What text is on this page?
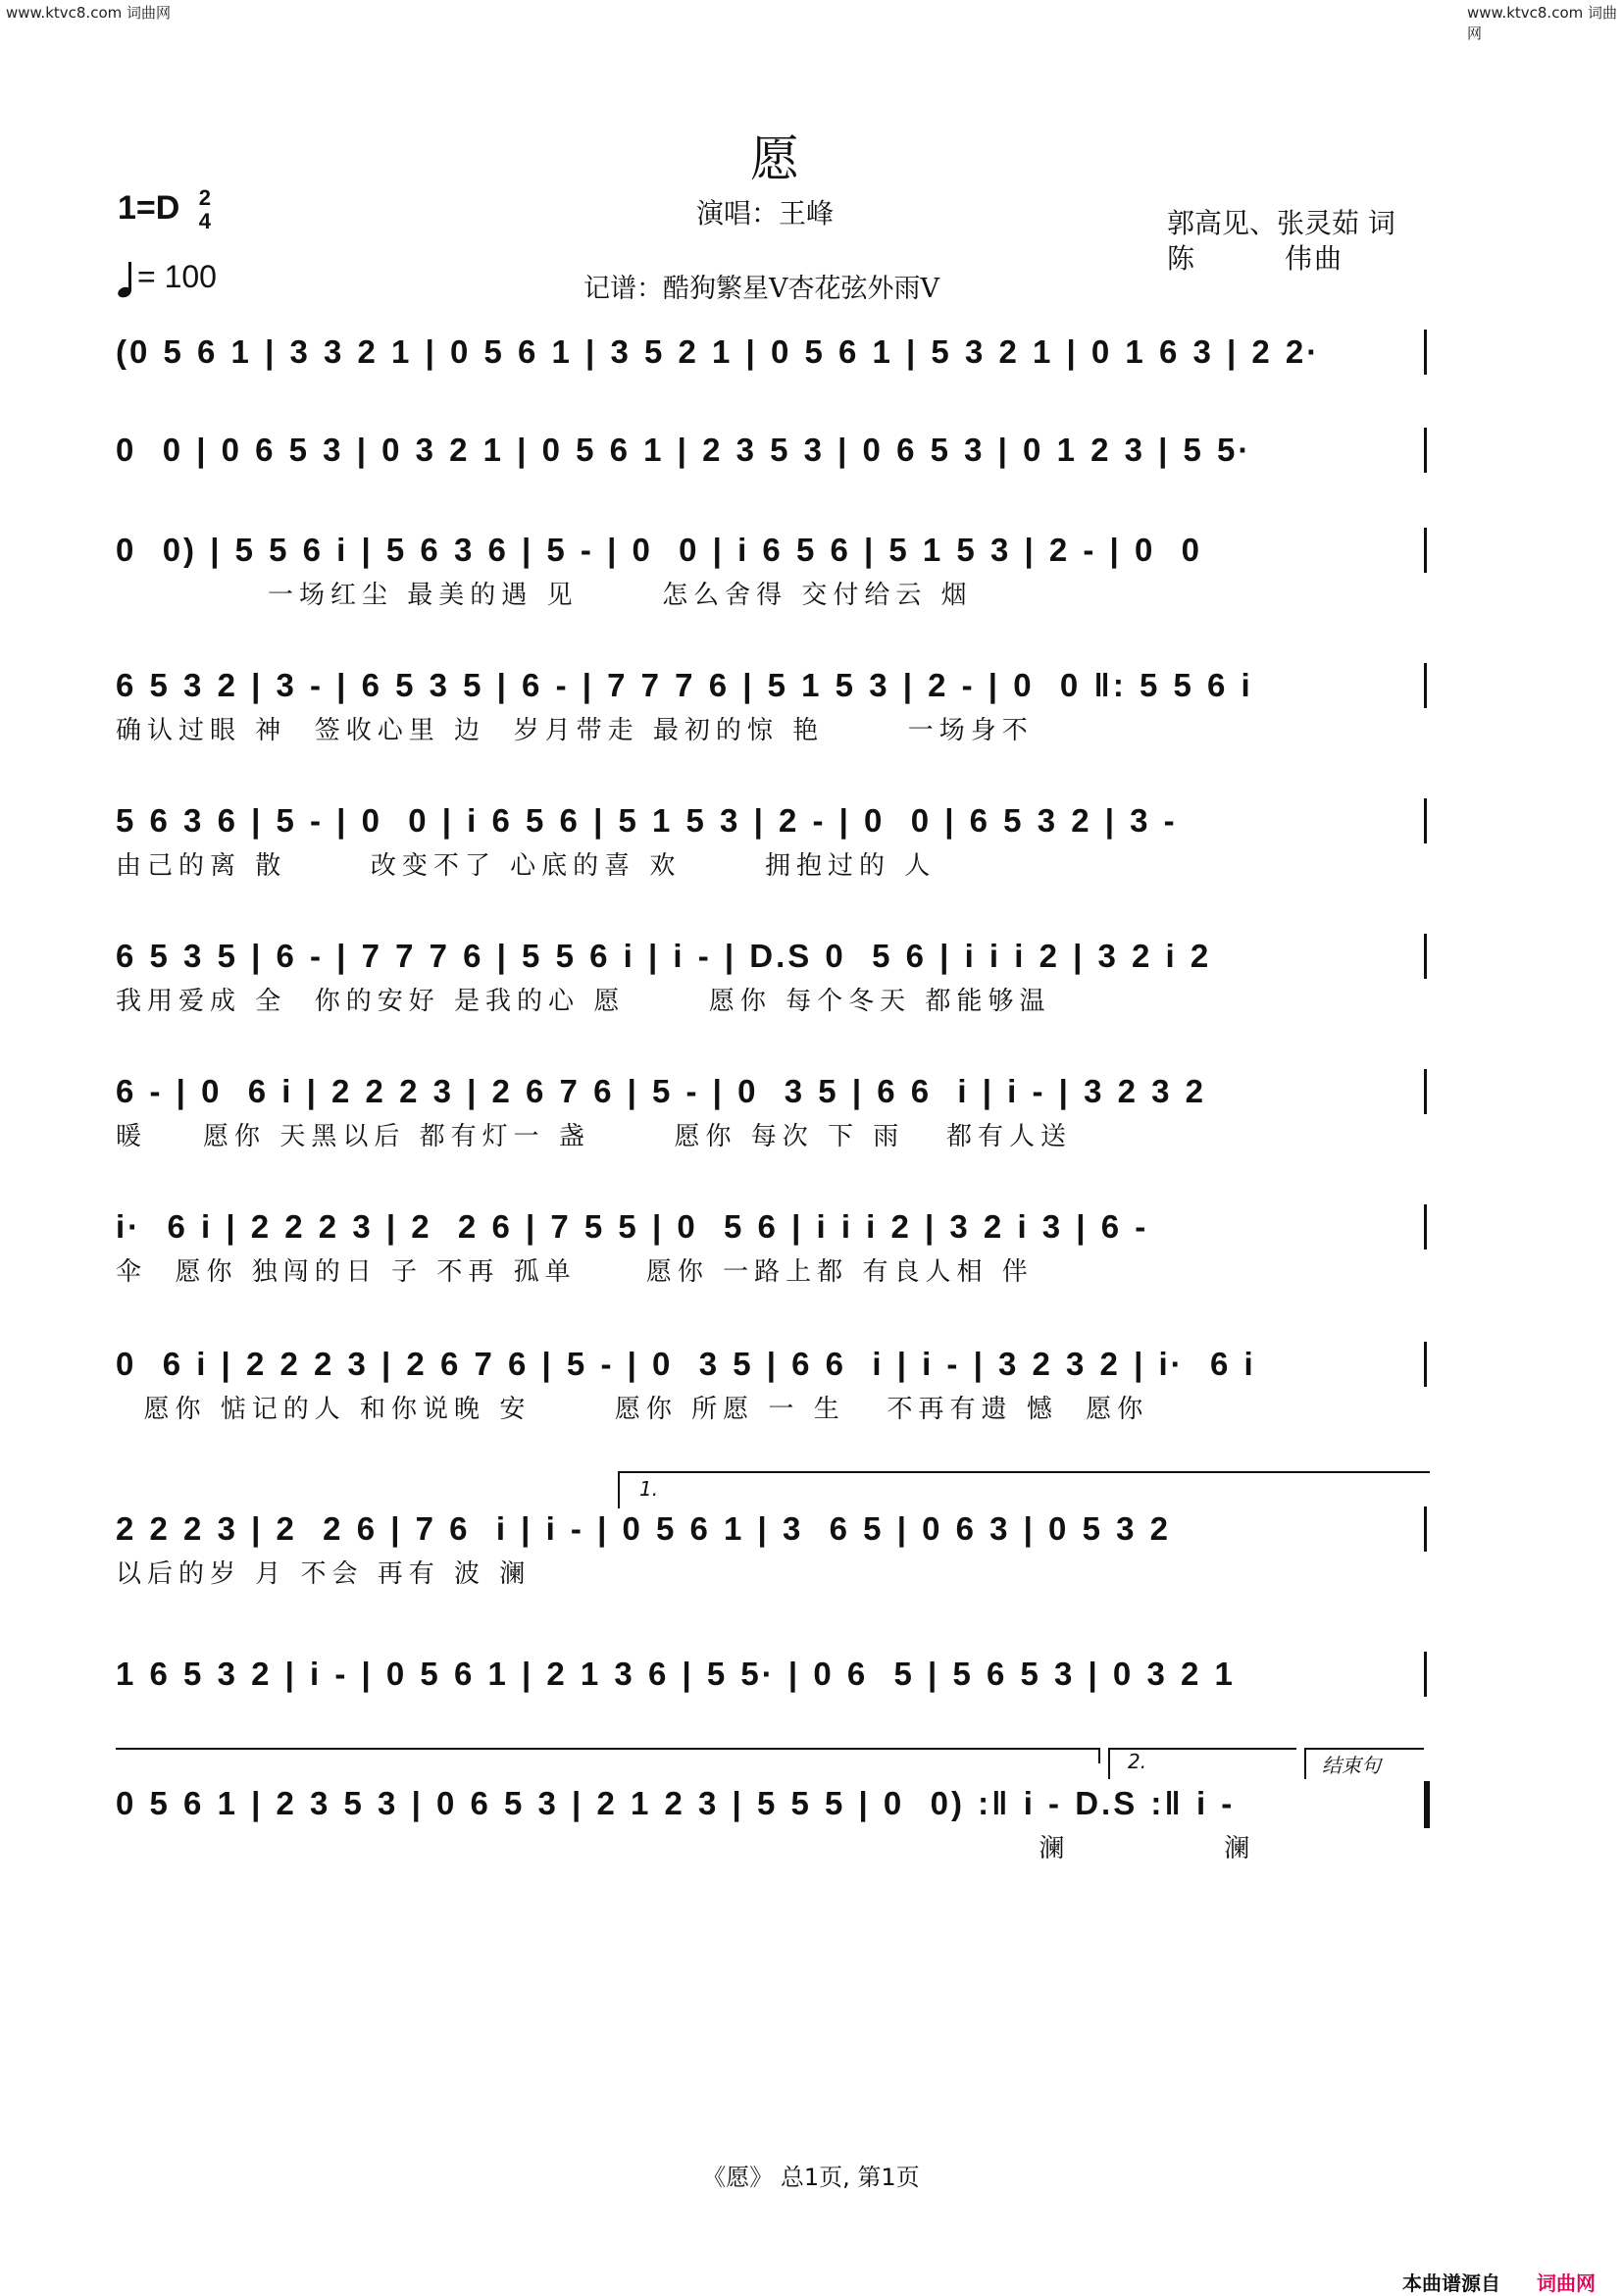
www.ktvc8.com 词曲网	www.ktvc8.com 词曲网
愿
1=D 2
4
= 100
演唱：王峰	郭高见、张灵茹 词
陈　　　伟曲
记谱：酷狗繁星V杏花弦外雨V
(0 5 6 1 | 3 3 2 1 | 0 5 6 1 | 3 5 2 1 | 0 5 6 1 | 5 3 2 1 | 0 1 6 3 | 2 2·
0  0 | 0 6 5 3 | 0 3 2 1 | 0 5 6 1 | 2 3 5 3 | 0 6 5 3 | 0 1 2 3 | 5 5·
0  0) | 5 5 6 i | 5 6 3 6 | 5 - | 0  0 | i 6 5 6 | 5 1 5 3 | 2 - | 0  0
一场红尘 最美的遇 见      怎么舍得 交付给云 烟
6 5 3 2 | 3 - | 6 5 3 5 | 6 - | 7 7 7 6 | 5 1 5 3 | 2 - | 0  0 ‖: 5 5 6 i
确认过眼 神  签收心里 边  岁月带走 最初的惊 艳      一场身不
5 6 3 6 | 5 - | 0  0 | i 6 5 6 | 5 1 5 3 | 2 - | 0  0 | 6 5 3 2 | 3 -
由己的离 散      改变不了 心底的喜 欢      拥抱过的 人
6 5 3 5 | 6 - | 7 7 7 6 | 5 5 6 i | i - | D.S 0  5 6 | i i i 2 | 3 2 i 2
我用爱成 全  你的安好 是我的心 愿      愿你 每个冬天 都能够温
6 - | 0  6 i | 2 2 2 3 | 2 6 7 6 | 5 - | 0  3 5 | 6 6  i | i - | 3 2 3 2
暖    愿你 天黑以后 都有灯一 盏      愿你 每次 下 雨   都有人送
i·  6 i | 2 2 2 3 | 2  2 6 | 7 5 5 | 0  5 6 | i i i 2 | 3 2 i 3 | 6 -
伞  愿你 独闯的日 子 不再 孤单     愿你 一路上都 有良人相 伴
0  6 i | 2 2 2 3 | 2 6 7 6 | 5 - | 0  3 5 | 6 6  i | i - | 3 2 3 2 | i·  6 i
愿你 惦记的人 和你说晚 安      愿你 所愿 一 生   不再有遗 憾  愿你
1.
2 2 2 3 | 2  2 6 | 7 6  i | i - | 0 5 6 1 | 3  6 5 | 0 6 3 | 0 5 3 2
以后的岁 月 不会 再有 波 澜
1 6 5 3 2 | i - | 0 5 6 1 | 2 1 3 6 | 5 5· | 0 6  5 | 5 6 5 3 | 0 3 2 1
2.	结束句
0 5 6 1 | 2 3 5 3 | 0 6 5 3 | 2 1 2 3 | 5 5 5 | 0  0) :‖ i - D.S :‖ i -
澜           澜
《愿》 总1页, 第1页
本曲谱源自 词曲网
